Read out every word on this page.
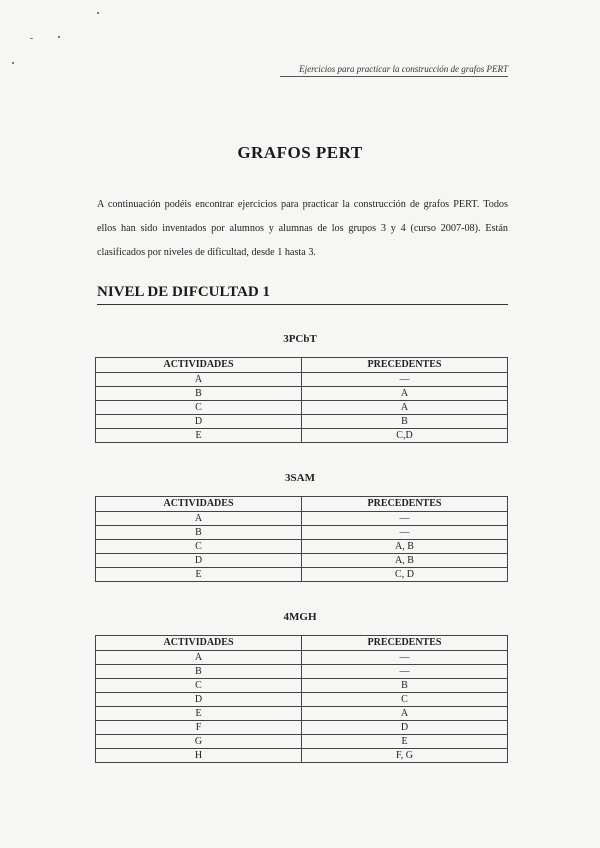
Ejercicios para practicar la construcción de grafos PERT
GRAFOS PERT
A continuación podéis encontrar ejercicios para practicar la construcción de grafos PERT. Todos ellos han sido inventados por alumnos y alumnas de los grupos 3 y 4 (curso 2007-08). Están clasificados por niveles de dificultad, desde 1 hasta 3.
NIVEL DE DIFCULTAD 1
3PCbT
ACTIVIDADES	PRECEDENTES
A	—
B	A
C	A
D	B
E	C,D
3SAM
ACTIVIDADES	PRECEDENTES
A	—
B	—
C	A, B
D	A, B
E	C, D
4MGH
ACTIVIDADES	PRECEDENTES
A	—
B	—
C	B
D	C
E	A
F	D
G	E
H	F, G
